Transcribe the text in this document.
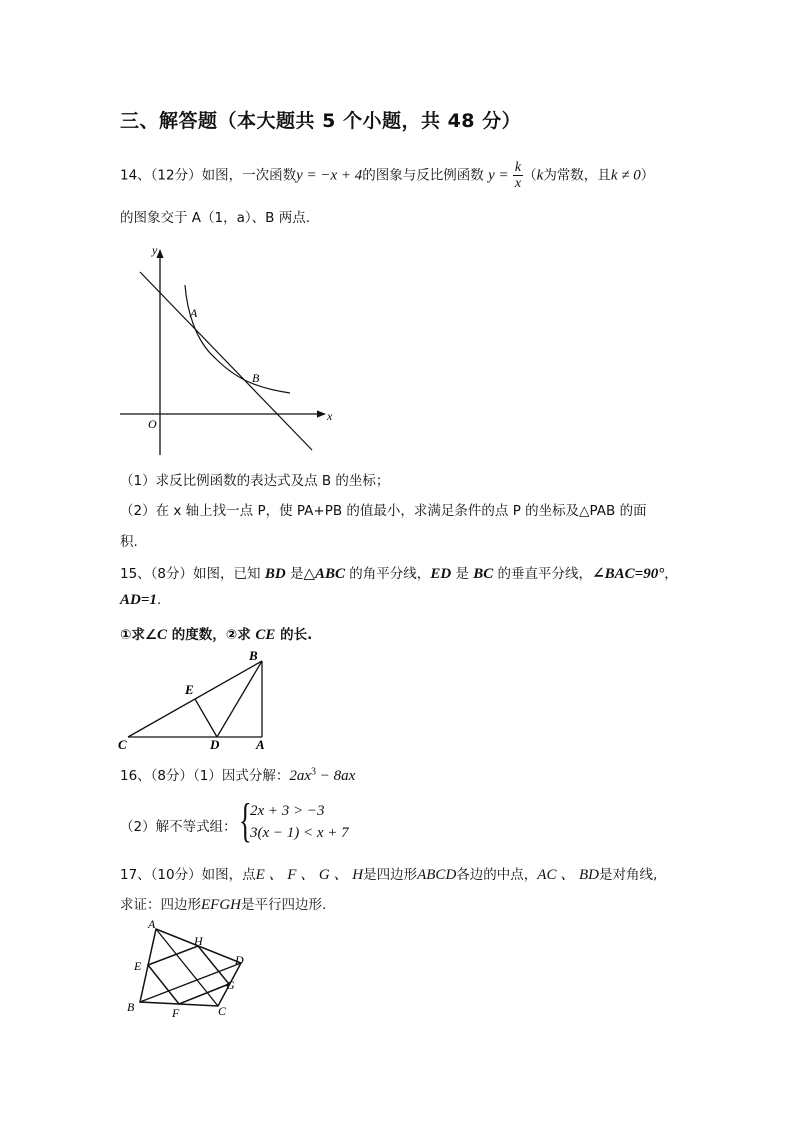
三、解答题（本大题共 5 个小题，共 48 分）
14、（12分）如图，一次函数y = −x + 4的图象与反比例函数 $y = \frac{k}{x} (k$为常数，且k ≠ 0）
的图象交于 A（1，a）、B 两点.
y
x
O
A
B
（1）求反比例函数的表达式及点 B 的坐标；
（2）在 x 轴上找一点 P，使 PA+PB 的值最小，求满足条件的点 P 的坐标及△PAB 的面
积.
15、（8分）如图，已知 BD 是△ABC 的角平分线，ED 是 BC 的垂直平分线，∠BAC=90°，
AD=1.
①求∠C 的度数，②求 CE 的长.
B
E
C	D	A
16、（8分）（1）因式分解：$2ax^3 - 8ax$
（2）解不等式组： {
2x + 3 > −3
3(x − 1) < x + 7
17、（10分）如图，点E 、 F 、 G 、 H是四边形ABCD各边的中点，AC 、 BD是对角线,
求证：四边形EFGH是平行四边形.
A
H
D
E
G
B	F	C
